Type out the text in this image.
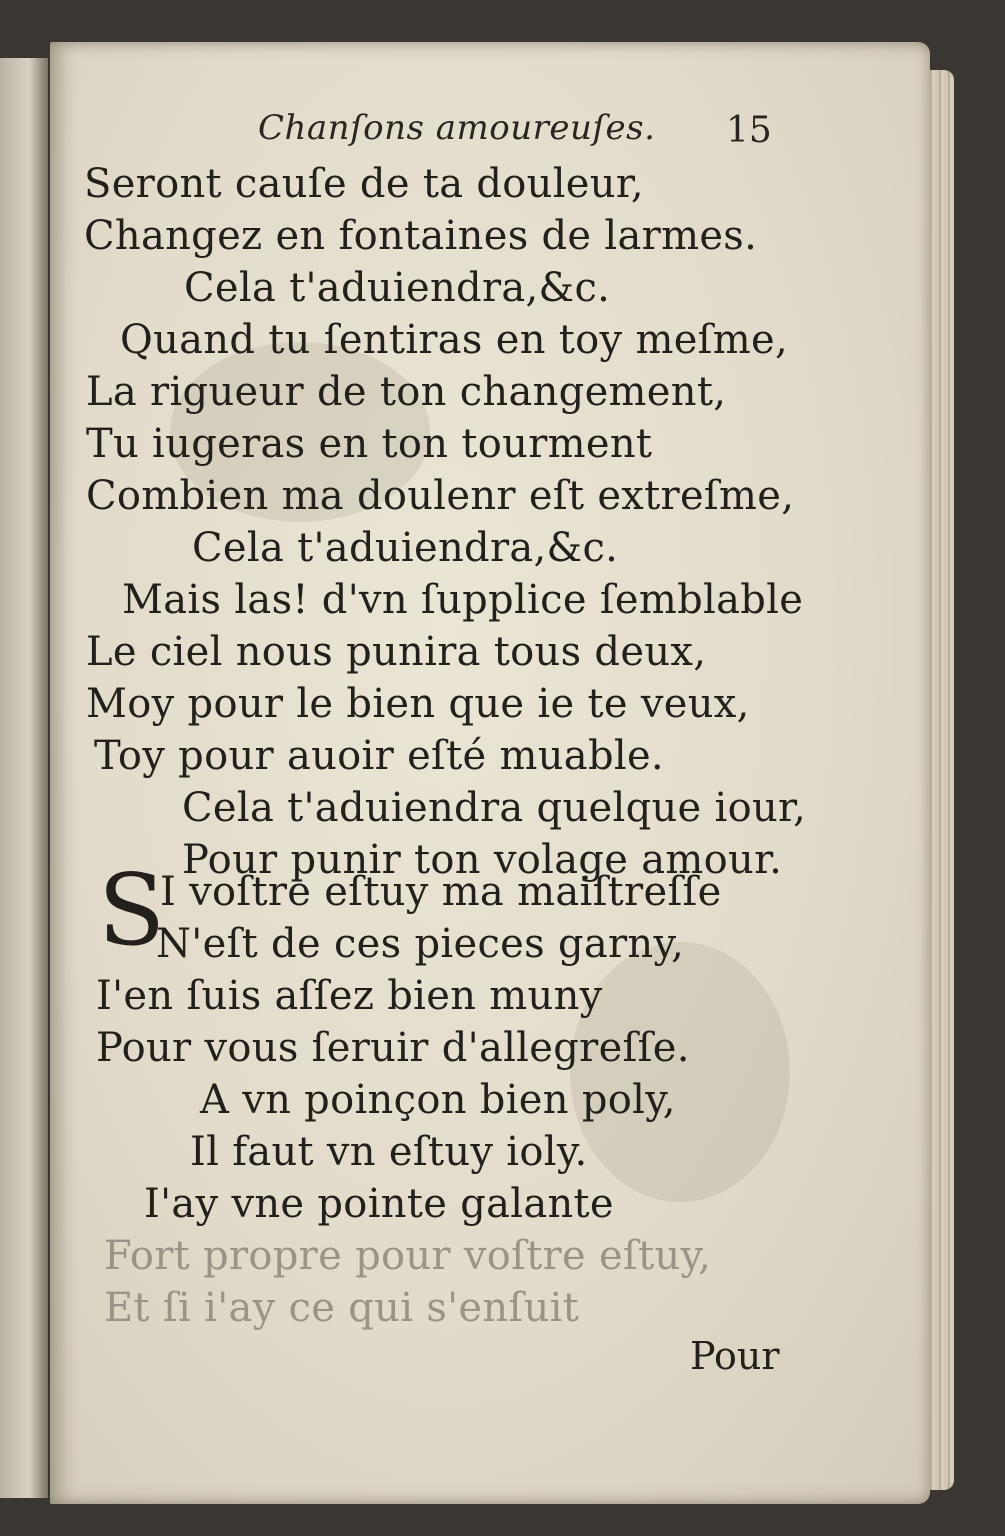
Chanſons amoureuſes. 15
Seront cauſe de ta douleur,
Changez en fontaines de larmes.
Cela t'aduiendra,&c.
Quand tu ſentiras en toy meſme,
La rigueur de ton changement,
Tu iugeras en ton tourment
Combien ma doulenr eſt extreſme,
Cela t'aduiendra,&c.
Mais las! d'vn ſupplice ſemblable
Le ciel nous punira tous deux,
Moy pour le bien que ie te veux,
Toy pour auoir eſté muable.
Cela t'aduiendra quelque iour,
Pour punir ton volage amour.
S
I voſtre eſtuy ma maiſtreſſe
N'eſt de ces pieces garny,
I'en ſuis aſſez bien muny
Pour vous ſeruir d'allegreſſe.
A vn poinçon bien poly,
Il faut vn eſtuy ioly.
I'ay vne pointe galante
Fort propre pour voſtre eſtuy,
Et ſi i'ay ce qui s'enſuit
Pour
